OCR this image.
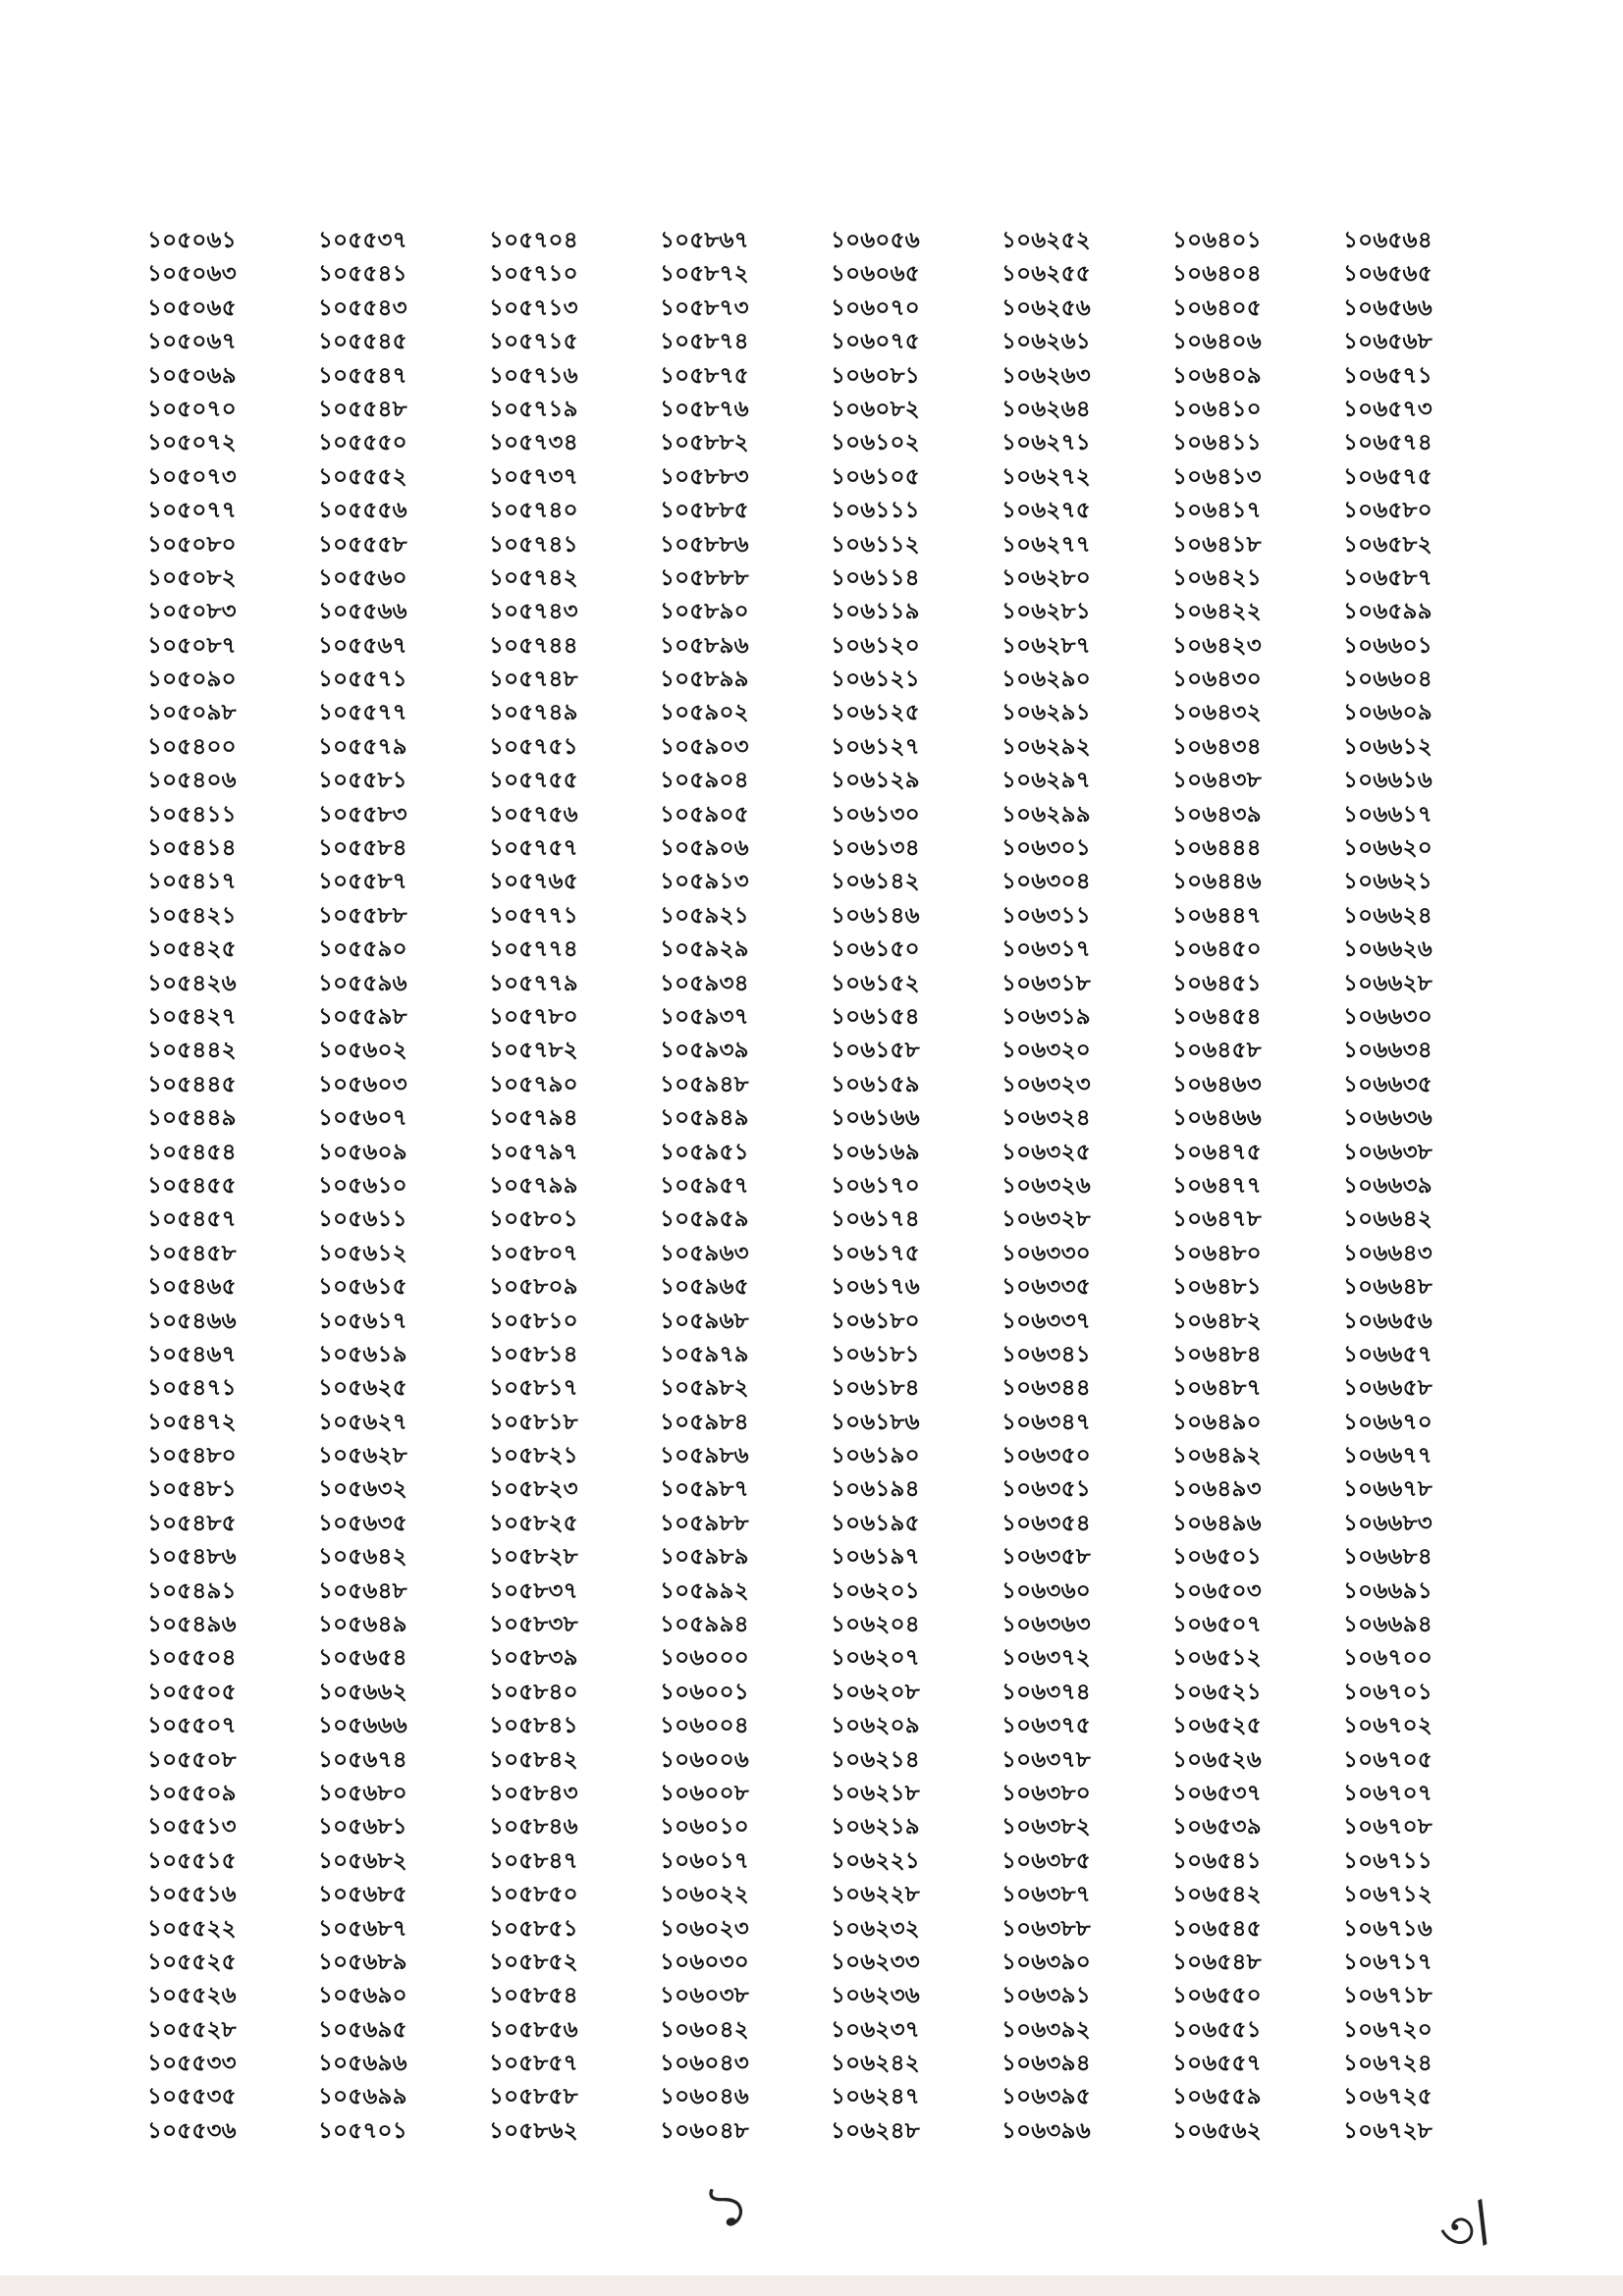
১০৫০৬১
১০৫০৬৩
১০৫০৬৫
১০৫০৬৭
১০৫০৬৯
১০৫০৭০
১০৫০৭২
১০৫০৭৩
১০৫০৭৭
১০৫০৮০
১০৫০৮২
১০৫০৮৩
১০৫০৮৭
১০৫০৯০
১০৫০৯৮
১০৫৪০০
১০৫৪০৬
১০৫৪১১
১০৫৪১৪
১০৫৪১৭
১০৫৪২১
১০৫৪২৫
১০৫৪২৬
১০৫৪২৭
১০৫৪৪২
১০৫৪৪৫
১০৫৪৪৯
১০৫৪৫৪
১০৫৪৫৫
১০৫৪৫৭
১০৫৪৫৮
১০৫৪৬৫
১০৫৪৬৬
১০৫৪৬৭
১০৫৪৭১
১০৫৪৭২
১০৫৪৮০
১০৫৪৮১
১০৫৪৮৫
১০৫৪৮৬
১০৫৪৯১
১০৫৪৯৬
১০৫৫০৪
১০৫৫০৫
১০৫৫০৭
১০৫৫০৮
১০৫৫০৯
১০৫৫১৩
১০৫৫১৫
১০৫৫১৬
১০৫৫২২
১০৫৫২৫
১০৫৫২৬
১০৫৫২৮
১০৫৫৩৩
১০৫৫৩৫
১০৫৫৩৬
১০৫৫৩৭
১০৫৫৪১
১০৫৫৪৩
১০৫৫৪৫
১০৫৫৪৭
১০৫৫৪৮
১০৫৫৫০
১০৫৫৫২
১০৫৫৫৬
১০৫৫৫৮
১০৫৫৬০
১০৫৫৬৬
১০৫৫৬৭
১০৫৫৭১
১০৫৫৭৭
১০৫৫৭৯
১০৫৫৮১
১০৫৫৮৩
১০৫৫৮৪
১০৫৫৮৭
১০৫৫৮৮
১০৫৫৯০
১০৫৫৯৬
১০৫৫৯৮
১০৫৬০২
১০৫৬০৩
১০৫৬০৭
১০৫৬০৯
১০৫৬১০
১০৫৬১১
১০৫৬১২
১০৫৬১৫
১০৫৬১৭
১০৫৬১৯
১০৫৬২৫
১০৫৬২৭
১০৫৬২৮
১০৫৬৩২
১০৫৬৩৫
১০৫৬৪২
১০৫৬৪৮
১০৫৬৪৯
১০৫৬৫৪
১০৫৬৬২
১০৫৬৬৬
১০৫৬৭৪
১০৫৬৮০
১০৫৬৮১
১০৫৬৮২
১০৫৬৮৫
১০৫৬৮৭
১০৫৬৮৯
১০৫৬৯০
১০৫৬৯৫
১০৫৬৯৬
১০৫৬৯৯
১০৫৭০১
১০৫৭০৪
১০৫৭১০
১০৫৭১৩
১০৫৭১৫
১০৫৭১৬
১০৫৭১৯
১০৫৭৩৪
১০৫৭৩৭
১০৫৭৪০
১০৫৭৪১
১০৫৭৪২
১০৫৭৪৩
১০৫৭৪৪
১০৫৭৪৮
১০৫৭৪৯
১০৫৭৫১
১০৫৭৫৫
১০৫৭৫৬
১০৫৭৫৭
১০৫৭৬৫
১০৫৭৭১
১০৫৭৭৪
১০৫৭৭৯
১০৫৭৮০
১০৫৭৮২
১০৫৭৯০
১০৫৭৯৪
১০৫৭৯৭
১০৫৭৯৯
১০৫৮০১
১০৫৮০৭
১০৫৮০৯
১০৫৮১০
১০৫৮১৪
১০৫৮১৭
১০৫৮১৮
১০৫৮২১
১০৫৮২৩
১০৫৮২৫
১০৫৮২৮
১০৫৮৩৭
১০৫৮৩৮
১০৫৮৩৯
১০৫৮৪০
১০৫৮৪১
১০৫৮৪২
১০৫৮৪৩
১০৫৮৪৬
১০৫৮৪৭
১০৫৮৫০
১০৫৮৫১
১০৫৮৫২
১০৫৮৫৪
১০৫৮৫৬
১০৫৮৫৭
১০৫৮৫৮
১০৫৮৬২
১০৫৮৬৭
১০৫৮৭২
১০৫৮৭৩
১০৫৮৭৪
১০৫৮৭৫
১০৫৮৭৬
১০৫৮৮২
১০৫৮৮৩
১০৫৮৮৫
১০৫৮৮৬
১০৫৮৮৮
১০৫৮৯০
১০৫৮৯৬
১০৫৮৯৯
১০৫৯০২
১০৫৯০৩
১০৫৯০৪
১০৫৯০৫
১০৫৯০৬
১০৫৯১৩
১০৫৯২১
১০৫৯২৯
১০৫৯৩৪
১০৫৯৩৭
১০৫৯৩৯
১০৫৯৪৮
১০৫৯৪৯
১০৫৯৫১
১০৫৯৫৭
১০৫৯৫৯
১০৫৯৬৩
১০৫৯৬৫
১০৫৯৬৮
১০৫৯৭৯
১০৫৯৮২
১০৫৯৮৪
১০৫৯৮৬
১০৫৯৮৭
১০৫৯৮৮
১০৫৯৮৯
১০৫৯৯২
১০৫৯৯৪
১০৬০০০
১০৬০০১
১০৬০০৪
১০৬০০৬
১০৬০০৮
১০৬০১০
১০৬০১৭
১০৬০২২
১০৬০২৩
১০৬০৩০
১০৬০৩৮
১০৬০৪২
১০৬০৪৩
১০৬০৪৬
১০৬০৪৮
১০৬০৫৬
১০৬০৬৫
১০৬০৭০
১০৬০৭৫
১০৬০৮১
১০৬০৮২
১০৬১০২
১০৬১০৫
১০৬১১১
১০৬১১২
১০৬১১৪
১০৬১১৯
১০৬১২০
১০৬১২১
১০৬১২৫
১০৬১২৭
১০৬১২৯
১০৬১৩০
১০৬১৩৪
১০৬১৪২
১০৬১৪৬
১০৬১৫০
১০৬১৫২
১০৬১৫৪
১০৬১৫৮
১০৬১৫৯
১০৬১৬৬
১০৬১৬৯
১০৬১৭০
১০৬১৭৪
১০৬১৭৫
১০৬১৭৬
১০৬১৮০
১০৬১৮১
১০৬১৮৪
১০৬১৮৬
১০৬১৯০
১০৬১৯৪
১০৬১৯৫
১০৬১৯৭
১০৬২০১
১০৬২০৪
১০৬২০৭
১০৬২০৮
১০৬২০৯
১০৬২১৪
১০৬২১৮
১০৬২১৯
১০৬২২১
১০৬২২৮
১০৬২৩২
১০৬২৩৩
১০৬২৩৬
১০৬২৩৭
১০৬২৪২
১০৬২৪৭
১০৬২৪৮
১০৬২৫২
১০৬২৫৫
১০৬২৫৬
১০৬২৬১
১০৬২৬৩
১০৬২৬৪
১০৬২৭১
১০৬২৭২
১০৬২৭৫
১০৬২৭৭
১০৬২৮০
১০৬২৮১
১০৬২৮৭
১০৬২৯০
১০৬২৯১
১০৬২৯২
১০৬২৯৭
১০৬২৯৯
১০৬৩০১
১০৬৩০৪
১০৬৩১১
১০৬৩১৭
১০৬৩১৮
১০৬৩১৯
১০৬৩২০
১০৬৩২৩
১০৬৩২৪
১০৬৩২৫
১০৬৩২৬
১০৬৩২৮
১০৬৩৩০
১০৬৩৩৫
১০৬৩৩৭
১০৬৩৪১
১০৬৩৪৪
১০৬৩৪৭
১০৬৩৫০
১০৬৩৫১
১০৬৩৫৪
১০৬৩৫৮
১০৬৩৬০
১০৬৩৬৩
১০৬৩৭২
১০৬৩৭৪
১০৬৩৭৫
১০৬৩৭৮
১০৬৩৮০
১০৬৩৮২
১০৬৩৮৫
১০৬৩৮৭
১০৬৩৮৮
১০৬৩৯০
১০৬৩৯১
১০৬৩৯২
১০৬৩৯৪
১০৬৩৯৫
১০৬৩৯৬
১০৬৪০১
১০৬৪০৪
১০৬৪০৫
১০৬৪০৬
১০৬৪০৯
১০৬৪১০
১০৬৪১১
১০৬৪১৩
১০৬৪১৭
১০৬৪১৮
১০৬৪২১
১০৬৪২২
১০৬৪২৩
১০৬৪৩০
১০৬৪৩২
১০৬৪৩৪
১০৬৪৩৮
১০৬৪৩৯
১০৬৪৪৪
১০৬৪৪৬
১০৬৪৪৭
১০৬৪৫০
১০৬৪৫১
১০৬৪৫৪
১০৬৪৫৮
১০৬৪৬৩
১০৬৪৬৬
১০৬৪৭৫
১০৬৪৭৭
১০৬৪৭৮
১০৬৪৮০
১০৬৪৮১
১০৬৪৮২
১০৬৪৮৪
১০৬৪৮৭
১০৬৪৯০
১০৬৪৯২
১০৬৪৯৩
১০৬৪৯৬
১০৬৫০১
১০৬৫০৩
১০৬৫০৭
১০৬৫১২
১০৬৫২১
১০৬৫২৫
১০৬৫২৬
১০৬৫৩৭
১০৬৫৩৯
১০৬৫৪১
১০৬৫৪২
১০৬৫৪৫
১০৬৫৪৮
১০৬৫৫০
১০৬৫৫১
১০৬৫৫৭
১০৬৫৫৯
১০৬৫৬২
১০৬৫৬৪
১০৬৫৬৫
১০৬৫৬৬
১০৬৫৬৮
১০৬৫৭১
১০৬৫৭৩
১০৬৫৭৪
১০৬৫৭৫
১০৬৫৮০
১০৬৫৮২
১০৬৫৮৭
১০৬৫৯৯
১০৬৬০১
১০৬৬০৪
১০৬৬০৯
১০৬৬১২
১০৬৬১৬
১০৬৬১৭
১০৬৬২০
১০৬৬২১
১০৬৬২৪
১০৬৬২৬
১০৬৬২৮
১০৬৬৩০
১০৬৬৩৪
১০৬৬৩৫
১০৬৬৩৬
১০৬৬৩৮
১০৬৬৩৯
১০৬৬৪২
১০৬৬৪৩
১০৬৬৪৮
১০৬৬৫৬
১০৬৬৫৭
১০৬৬৫৮
১০৬৬৭০
১০৬৬৭৭
১০৬৬৭৮
১০৬৬৮৩
১০৬৬৮৪
১০৬৬৯১
১০৬৬৯৪
১০৬৭০০
১০৬৭০১
১০৬৭০২
১০৬৭০৫
১০৬৭০৭
১০৬৭০৮
১০৬৭১১
১০৬৭১২
১০৬৭১৬
১০৬৭১৭
১০৬৭১৮
১০৬৭২০
১০৬৭২৪
১০৬৭২৫
১০৬৭২৮
১	৩/
